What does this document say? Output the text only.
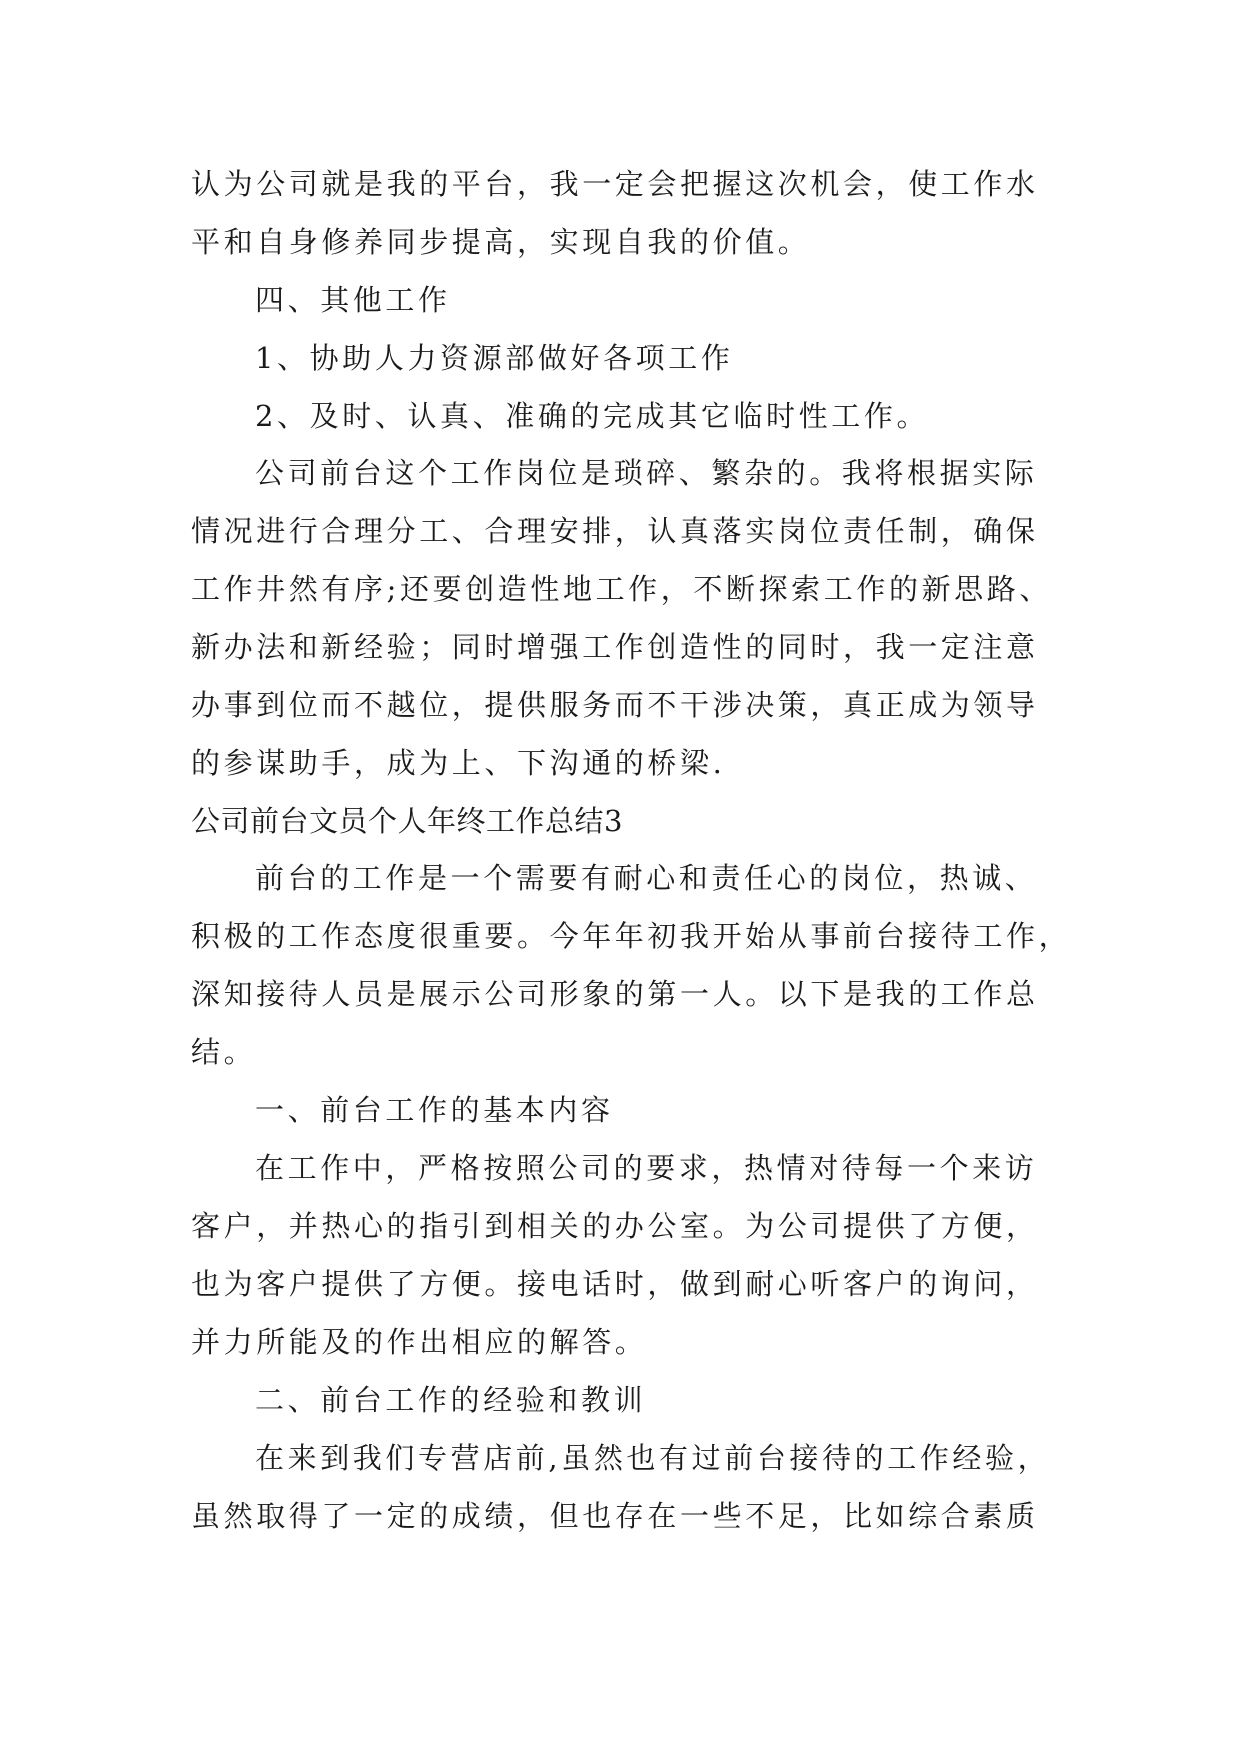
认为公司就是我的平台，我一定会把握这次机会，使工作水

平和自身修养同步提高，实现自我的价值。

四、其他工作

1、协助人力资源部做好各项工作

2、及时、认真、准确的完成其它临时性工作。

公司前台这个工作岗位是琐碎、繁杂的。我将根据实际

情况进行合理分工、合理安排，认真落实岗位责任制，确保

工作井然有序;还要创造性地工作，不断探索工作的新思路、

新办法和新经验；同时增强工作创造性的同时，我一定注意

办事到位而不越位，提供服务而不干涉决策，真正成为领导

的参谋助手，成为上、下沟通的桥梁.

公司前台文员个人年终工作总结3

前台的工作是一个需要有耐心和责任心的岗位，热诚、

积极的工作态度很重要。今年年初我开始从事前台接待工作，

深知接待人员是展示公司形象的第一人。以下是我的工作总

结。

一、前台工作的基本内容

在工作中，严格按照公司的要求，热情对待每一个来访

客户，并热心的指引到相关的办公室。为公司提供了方便，

也为客户提供了方便。接电话时，做到耐心听客户的询问，

并力所能及的作出相应的解答。

二、前台工作的经验和教训

在来到我们专营店前,虽然也有过前台接待的工作经验，

虽然取得了一定的成绩，但也存在一些不足，比如综合素质
